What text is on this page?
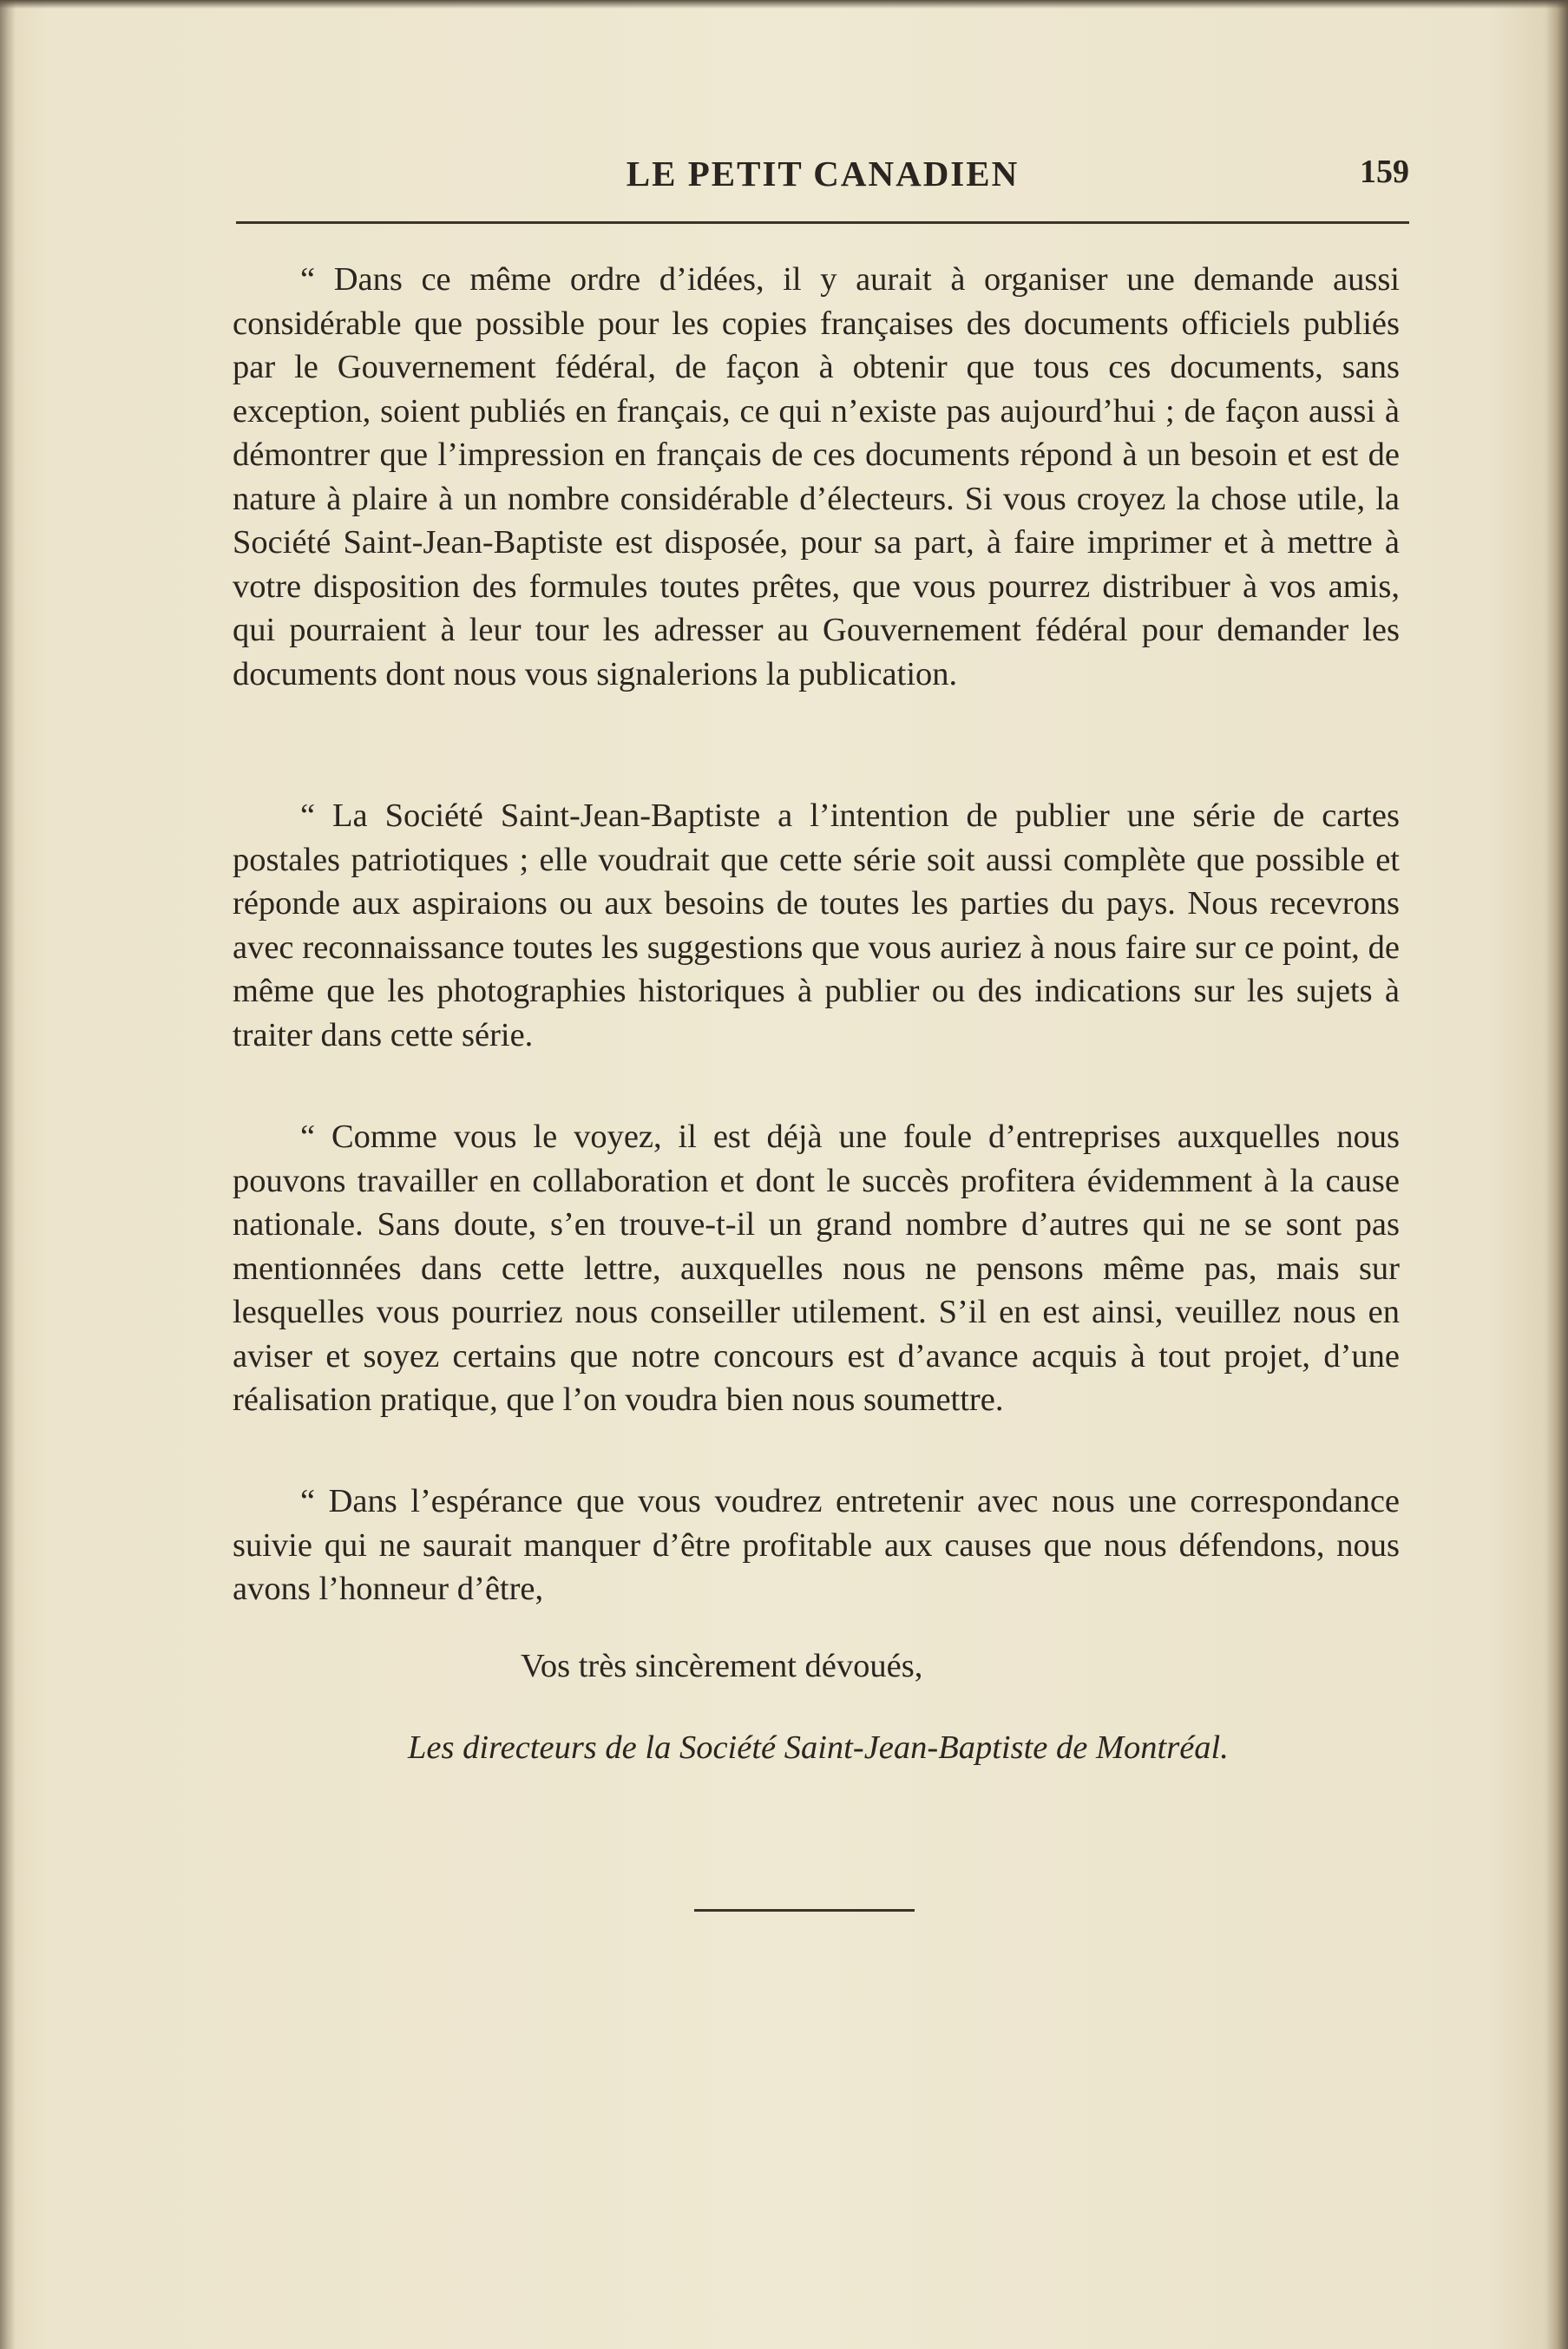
LE PETIT CANADIEN	159

“ Dans ce même ordre d’idées, il y aurait à organiser une demande aussi considérable que possible pour les copies françaises des documents officiels publiés par le Gouvernement fédéral, de façon à obtenir que tous ces documents, sans exception, soient publiés en français, ce qui n’existe pas aujourd’hui ; de façon aussi à démontrer que l’impression en français de ces documents répond à un besoin et est de nature à plaire à un nombre considérable d’électeurs. Si vous croyez la chose utile, la Société Saint-Jean-Baptiste est disposée, pour sa part, à faire imprimer et à mettre à votre disposition des formules toutes prêtes, que vous pourrez distribuer à vos amis, qui pourraient à leur tour les adresser au Gouvernement fédéral pour demander les documents dont nous vous signalerions la publication.

“ La Société Saint-Jean-Baptiste a l’intention de publier une série de cartes postales patriotiques ; elle voudrait que cette série soit aussi complète que possible et réponde aux aspiraions ou aux besoins de toutes les parties du pays. Nous recevrons avec reconnaissance toutes les suggestions que vous auriez à nous faire sur ce point, de même que les photographies historiques à publier ou des indications sur les sujets à traiter dans cette série.

“ Comme vous le voyez, il est déjà une foule d’entreprises auxquelles nous pouvons travailler en collaboration et dont le succès profitera évidemment à la cause nationale. Sans doute, s’en trouve-t-il un grand nombre d’autres qui ne se sont pas mentionnées dans cette lettre, auxquelles nous ne pensons même pas, mais sur lesquelles vous pourriez nous conseiller utilement. S’il en est ainsi, veuillez nous en aviser et soyez certains que notre concours est d’avance acquis à tout projet, d’une réalisation pratique, que l’on voudra bien nous soumettre.

“ Dans l’espérance que vous voudrez entretenir avec nous une correspondance suivie qui ne saurait manquer d’être profitable aux causes que nous défendons, nous avons l’honneur d’être,

Vos très sincèrement dévoués,
Les directeurs de la Société Saint-Jean-Baptiste de Montréal.
